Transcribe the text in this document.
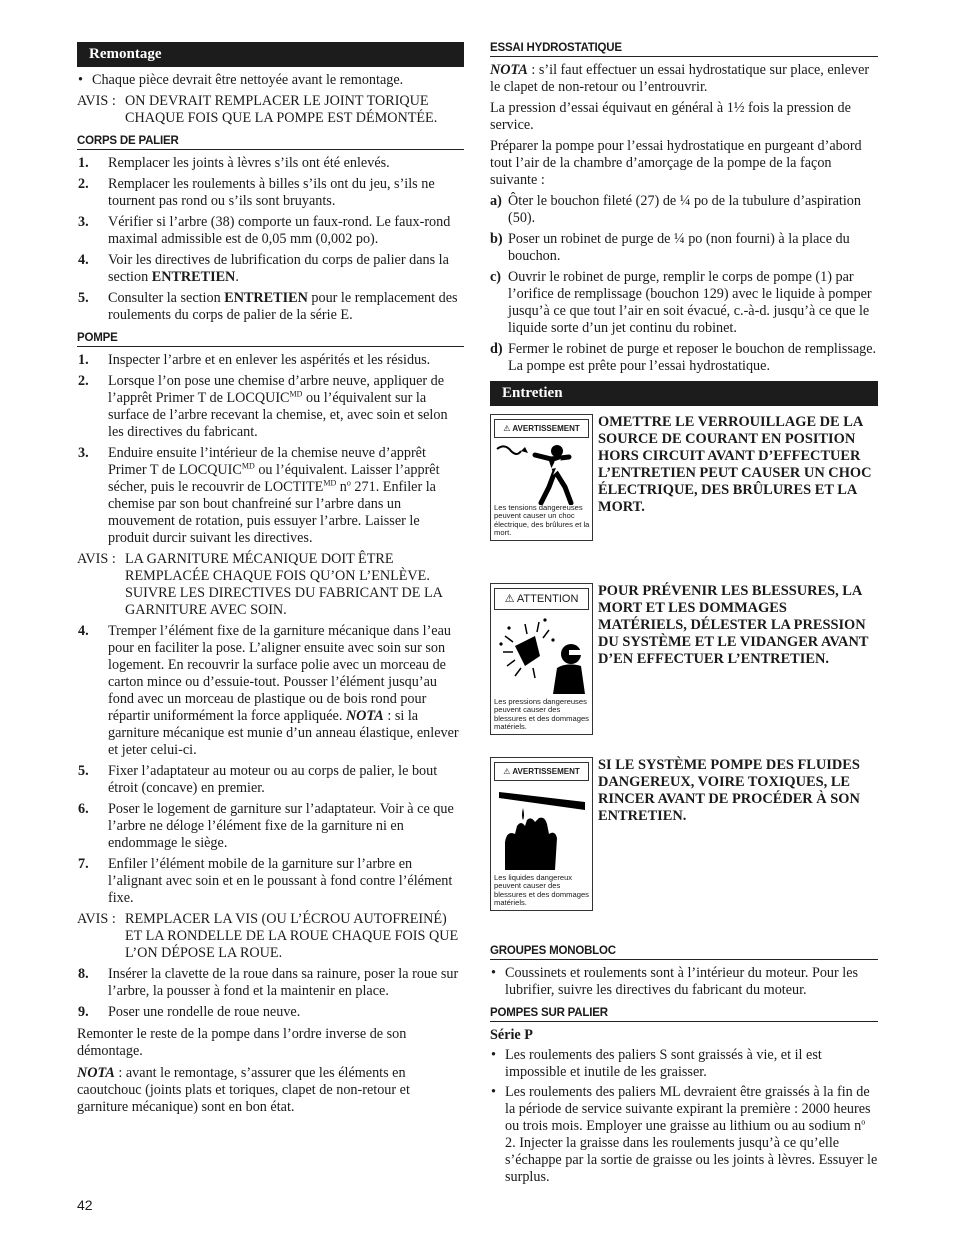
Remontage
• Chaque pièce devrait être nettoyée avant le remontage.
AVIS : ON DEVRAIT REMPLACER LE JOINT TORIQUE CHAQUE FOIS QUE LA POMPE EST DÉMONTÉE.
CORPS DE PALIER
1.	Remplacer les joints à lèvres s’ils ont été enlevés.
2.	Remplacer les roulements à billes s’ils ont du jeu, s’ils ne tournent pas rond ou s’ils sont bruyants.
3.	Vérifier si l’arbre (38) comporte un faux-rond. Le faux-rond maximal admissible est de 0,05 mm (0,002 po).
4.	Voir les directives de lubrification du corps de palier dans la section ENTRETIEN.
5.	Consulter la section ENTRETIEN pour le remplacement des roulements du corps de palier de la série E.
POMPE
1.	Inspecter l’arbre et en enlever les aspérités et les résidus.
2.	Lorsque l’on pose une chemise d’arbre neuve, appliquer de l’apprêt Primer T de $LOCQUIC^{MD}$ ou l’équivalent sur la surface de l’arbre recevant la chemise, et, avec soin et selon les directives du fabricant.
3.	Enduire ensuite l’intérieur de la chemise neuve d’apprêt Primer T de $LOCQUIC^{MD}$ ou l’équivalent. Laisser l’apprêt sécher, puis le recouvrir de $LOCTITE^{MD}$ $n^o$ 271. Enfiler la chemise par son bout chanfreiné sur l’arbre dans un mouvement de rotation, puis essuyer l’arbre. Laisser le produit durcir suivant les directives.
AVIS : LA GARNITURE MÉCANIQUE DOIT ÊTRE REMPLACÉE CHAQUE FOIS QU’ON L’ENLÈVE. SUIVRE LES DIRECTIVES DU FABRICANT DE LA GARNITURE AVEC SOIN.
4.	Tremper l’élément fixe de la garniture mécanique dans l’eau pour en faciliter la pose. L’aligner ensuite avec soin sur son logement. En recouvrir la surface polie avec un morceau de carton mince ou d’essuie-tout. Pousser l’élément jusqu’au fond avec un morceau de plastique ou de bois rond pour répartir uniformément la force appliquée. NOTA : si la garniture mécanique est munie d’un anneau élastique, enlever et jeter celui-ci.
5.	Fixer l’adaptateur au moteur ou au corps de palier, le bout étroit (concave) en premier.
6.	Poser le logement de garniture sur l’adaptateur. Voir à ce que l’arbre ne déloge l’élément fixe de la garniture ni en endommage le siège.
7.	Enfiler l’élément mobile de la garniture sur l’arbre en l’alignant avec soin et en le poussant à fond contre l’élément fixe.
AVIS : REMPLACER LA VIS (OU L’ÉCROU AUTOFREINÉ) ET LA RONDELLE DE LA ROUE CHAQUE FOIS QUE L’ON DÉPOSE LA ROUE.
8.	Insérer la clavette de la roue dans sa rainure, poser la roue sur l’arbre, la pousser à fond et la maintenir en place.
9.	Poser une rondelle de roue neuve.

Remonter le reste de la pompe dans l’ordre inverse de son démontage.

NOTA : avant le remontage, s’assurer que les éléments en caoutchouc (joints plats et toriques, clapet de non-retour et garniture mécanique) sont en bon état.

ESSAI HYDROSTATIQUE

NOTA : s’il faut effectuer un essai hydrostatique sur place, enlever le clapet de non-retour ou l’entrouvrir.

La pression d’essai équivaut en général à 1½ fois la pression de service.

Préparer la pompe pour l’essai hydrostatique en purgeant d’abord tout l’air de la chambre d’amorçage de la pompe de la façon suivante :

a) Ôter le bouchon fileté (27) de ¼ po de la tubulure d’aspiration (50).
b) Poser un robinet de purge de ¼ po (non fourni) à la place du bouchon.
c) Ouvrir le robinet de purge, remplir le corps de pompe (1) par l’orifice de remplissage (bouchon 129) avec le liquide à pomper jusqu’à ce que tout l’air en soit évacué, c.-à-d. jusqu’à ce que le liquide sorte d’un jet continu du robinet.
d) Fermer le robinet de purge et reposer le bouchon de remplissage. La pompe est prête pour l’essai hydrostatique.
Entretien
⚠ AVERTISSEMENT
Les tensions dangereuses peuvent causer un choc électrique, des brûlures et la mort.
OMETTRE LE VERROUILLAGE DE LA SOURCE DE COURANT EN POSITION HORS CIRCUIT AVANT D’EFFECTUER L’ENTRETIEN PEUT CAUSER UN CHOC ÉLECTRIQUE, DES BRÛLURES ET LA MORT.
⚠ ATTENTION
Les pressions dangereuses peuvent causer des blessures et des dommages matériels.
POUR PRÉVENIR LES BLESSURES, LA MORT ET LES DOMMAGES MATÉRIELS, DÉLESTER LA PRESSION DU SYSTÈME ET LE VIDANGER AVANT D’EN EFFECTUER L’ENTRETIEN.
⚠ AVERTISSEMENT
Les liquides dangereux peuvent causer des blessures et des dommages matériels.
SI LE SYSTÈME POMPE DES FLUIDES DANGEREUX, VOIRE TOXIQUES, LE RINCER AVANT DE PROCÉDER À SON ENTRETIEN.
GROUPES MONOBLOC
• Coussinets et roulements sont à l’intérieur du moteur. Pour les lubrifier, suivre les directives du fabricant du moteur.
POMPES SUR PALIER

Série P

• Les roulements des paliers S sont graissés à vie, et il est impossible et inutile de les graisser.
• Les roulements des paliers ML devraient être graissés à la fin de la période de service suivante expirant la première : 2000 heures ou trois mois. Employer une graisse au lithium ou au sodium $n^o$ 2. Injecter la graisse dans les roulements jusqu’à ce qu’elle s’échappe par la sortie de graisse ou les joints à lèvres. Essuyer le surplus.
42
